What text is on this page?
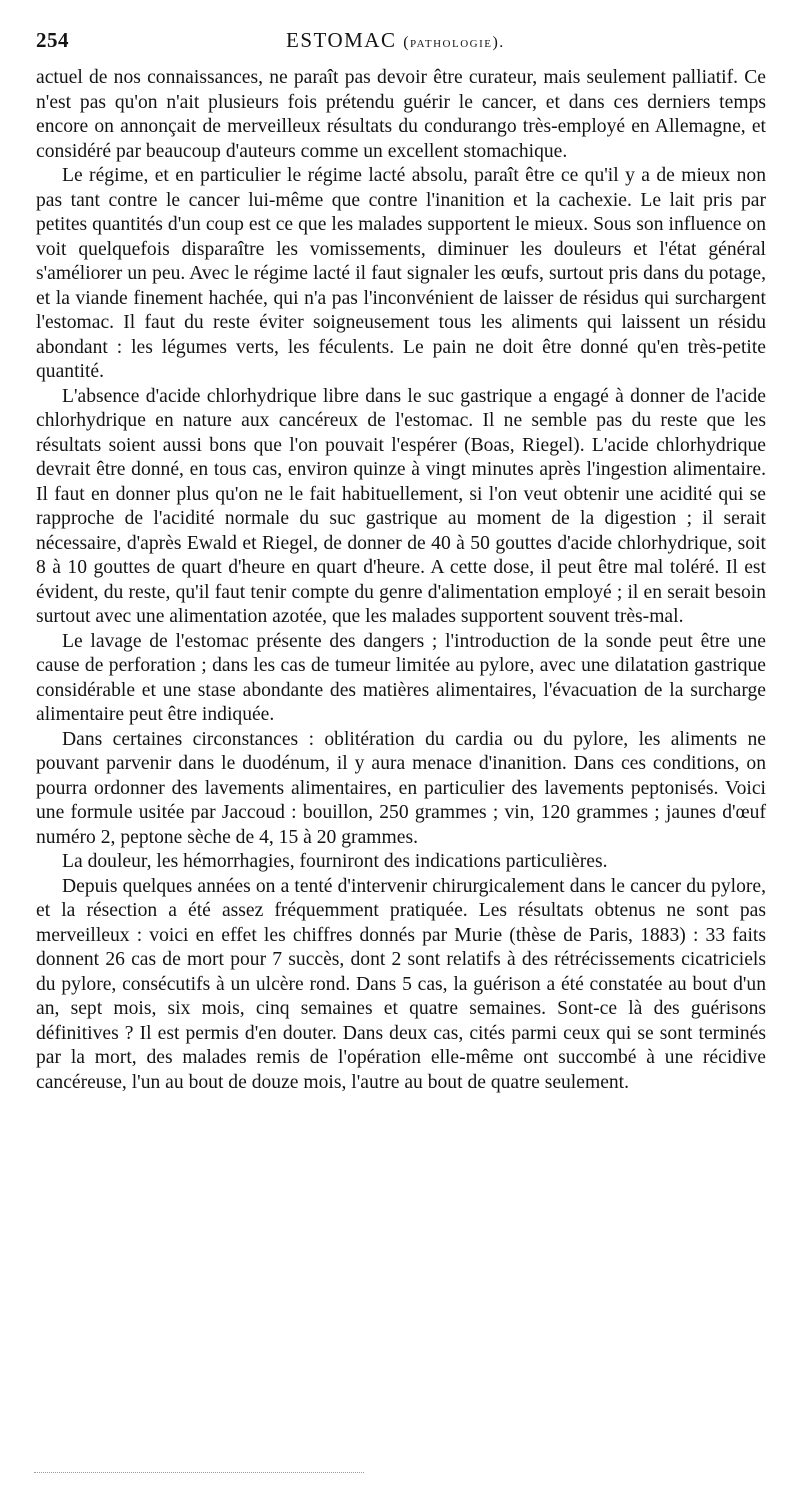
254	ESTOMAC (pathologie).

actuel de nos connaissances, ne paraît pas devoir être curateur, mais seulement palliatif. Ce n'est pas qu'on n'ait plusieurs fois prétendu guérir le cancer, et dans ces derniers temps encore on annonçait de merveilleux résultats du condurango très-employé en Allemagne, et considéré par beaucoup d'auteurs comme un excellent stomachique.

Le régime, et en particulier le régime lacté absolu, paraît être ce qu'il y a de mieux non pas tant contre le cancer lui-même que contre l'inanition et la cachexie. Le lait pris par petites quantités d'un coup est ce que les malades supportent le mieux. Sous son influence on voit quelquefois disparaître les vomissements, diminuer les douleurs et l'état général s'améliorer un peu. Avec le régime lacté il faut signaler les œufs, surtout pris dans du potage, et la viande finement hachée, qui n'a pas l'inconvénient de laisser de résidus qui surchargent l'estomac. Il faut du reste éviter soigneusement tous les aliments qui laissent un résidu abondant : les légumes verts, les féculents. Le pain ne doit être donné qu'en très-petite quantité.

L'absence d'acide chlorhydrique libre dans le suc gastrique a engagé à donner de l'acide chlorhydrique en nature aux cancéreux de l'estomac. Il ne semble pas du reste que les résultats soient aussi bons que l'on pouvait l'espérer (Boas, Riegel). L'acide chlorhydrique devrait être donné, en tous cas, environ quinze à vingt minutes après l'ingestion alimentaire. Il faut en donner plus qu'on ne le fait habituellement, si l'on veut obtenir une acidité qui se rapproche de l'acidité normale du suc gastrique au moment de la digestion ; il serait nécessaire, d'après Ewald et Riegel, de donner de 40 à 50 gouttes d'acide chlorhydrique, soit 8 à 10 gouttes de quart d'heure en quart d'heure. A cette dose, il peut être mal toléré. Il est évident, du reste, qu'il faut tenir compte du genre d'alimentation employé ; il en serait besoin surtout avec une alimentation azotée, que les malades supportent souvent très-mal.

Le lavage de l'estomac présente des dangers ; l'introduction de la sonde peut être une cause de perforation ; dans les cas de tumeur limitée au pylore, avec une dilatation gastrique considérable et une stase abondante des matières alimentaires, l'évacuation de la surcharge alimentaire peut être indiquée.

Dans certaines circonstances : oblitération du cardia ou du pylore, les aliments ne pouvant parvenir dans le duodénum, il y aura menace d'inanition. Dans ces conditions, on pourra ordonner des lavements alimentaires, en particulier des lavements peptonisés. Voici une formule usitée par Jaccoud : bouillon, 250 grammes ; vin, 120 grammes ; jaunes d'œuf numéro 2, peptone sèche de 4, 15 à 20 grammes.

La douleur, les hémorrhagies, fourniront des indications particulières.

Depuis quelques années on a tenté d'intervenir chirurgicalement dans le cancer du pylore, et la résection a été assez fréquemment pratiquée. Les résultats obtenus ne sont pas merveilleux : voici en effet les chiffres donnés par Murie (thèse de Paris, 1883) : 33 faits donnent 26 cas de mort pour 7 succès, dont 2 sont relatifs à des rétrécissements cicatriciels du pylore, consécutifs à un ulcère rond. Dans 5 cas, la guérison a été constatée au bout d'un an, sept mois, six mois, cinq semaines et quatre semaines. Sont-ce là des guérisons définitives ? Il est permis d'en douter. Dans deux cas, cités parmi ceux qui se sont terminés par la mort, des malades remis de l'opération elle-même ont succombé à une récidive cancéreuse, l'un au bout de douze mois, l'autre au bout de quatre seulement.
